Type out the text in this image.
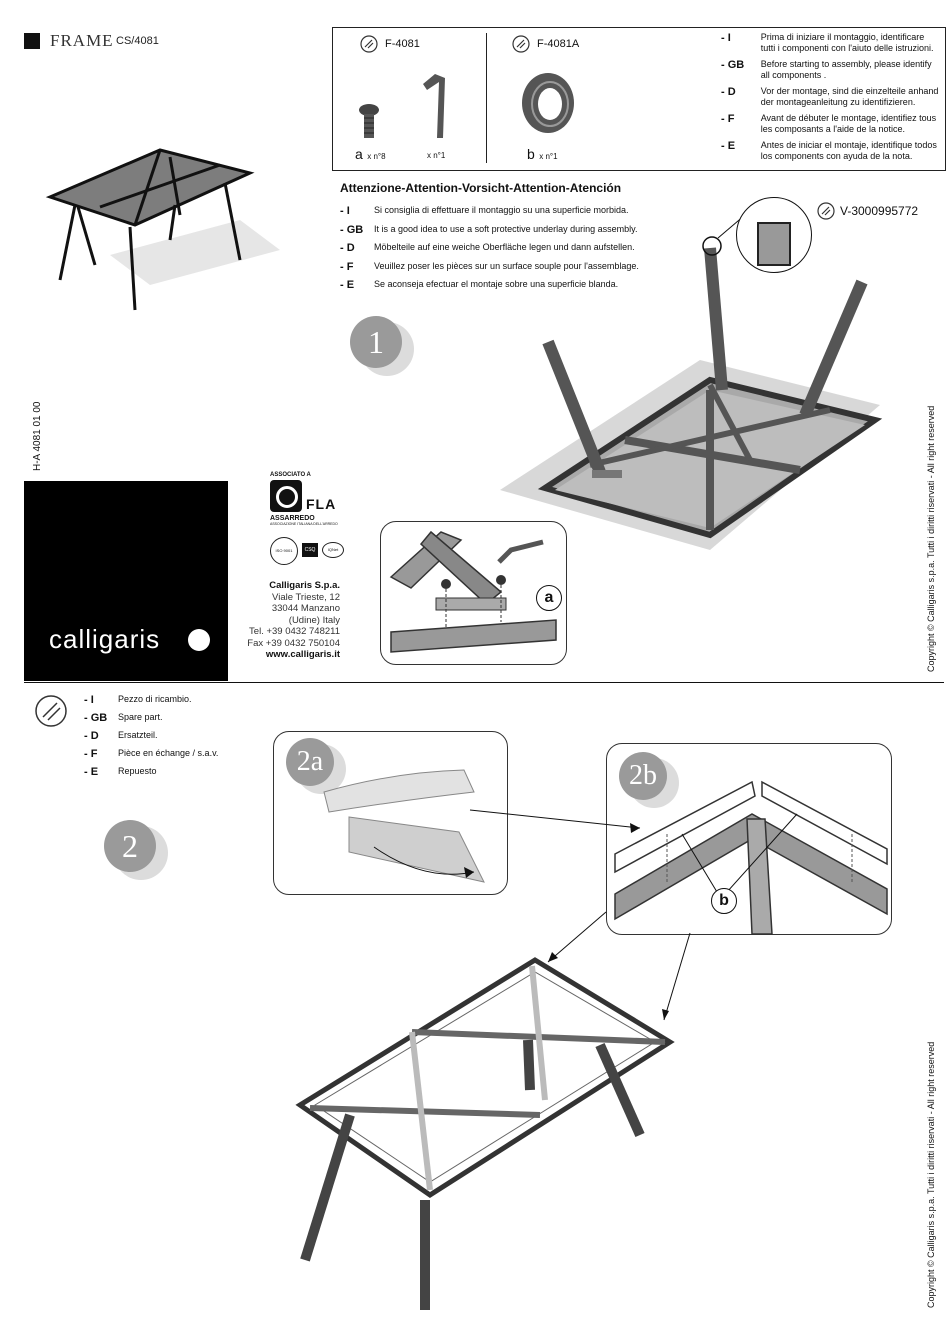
FRAME CS/4081	F-4081
a x n°8	x n°1
F-4081A
b x n°1
- I	Prima di iniziare il montaggio, identificare tutti i componenti con l'aiuto delle istruzioni.
- GB	Before starting to assembly, please identify all components .
- D	Vor der montage, sind die einzelteile anhand der montageanleitung zu identifizieren.
- F	Avant de débuter le montage, identifiez tous les composants a l'aide de la notice.
- E	Antes de iniciar el montaje, identifique todos los components con ayuda de la nota.
Attenzione-Attention-Vorsicht-Attention-Atención
- I	Si consiglia di effettuare il montaggio su una superficie morbida.
- GB It is a good idea to use a soft protective underlay during assembly.
- D	Möbelteile auf eine weiche Oberfläche legen und dann aufstellen.
- F	Veuillez poser les pièces sur un surface souple pour l'assemblage.
- E	Se aconseja efectuar el montaje sobre una superficie blanda.
V-3000995772
1
a
H-A 4081 01 00
calligaris
ASSOCIATO A
FLA
ASSARREDO
ASSOCIAZIONE ITALIANA DELL'ARREDO
ISO 9001	CSQ	IQNet
Calligaris S.p.a.
Viale Trieste, 12
33044 Manzano
(Udine) Italy
Tel. +39 0432 748211
Fax +39 0432 750104
www.calligaris.it	Copyright © Calligaris s.p.a. Tutti i diritti riservati - All right reserved
- I	Pezzo di ricambio.
- GB Spare part.
- D	Ersatzteil.
- F	Pièce en échange / s.a.v.
- E	Repuesto
2
2a	2b
b
Copyright © Calligaris s.p.a. Tutti i diritti riservati - All right reserved
